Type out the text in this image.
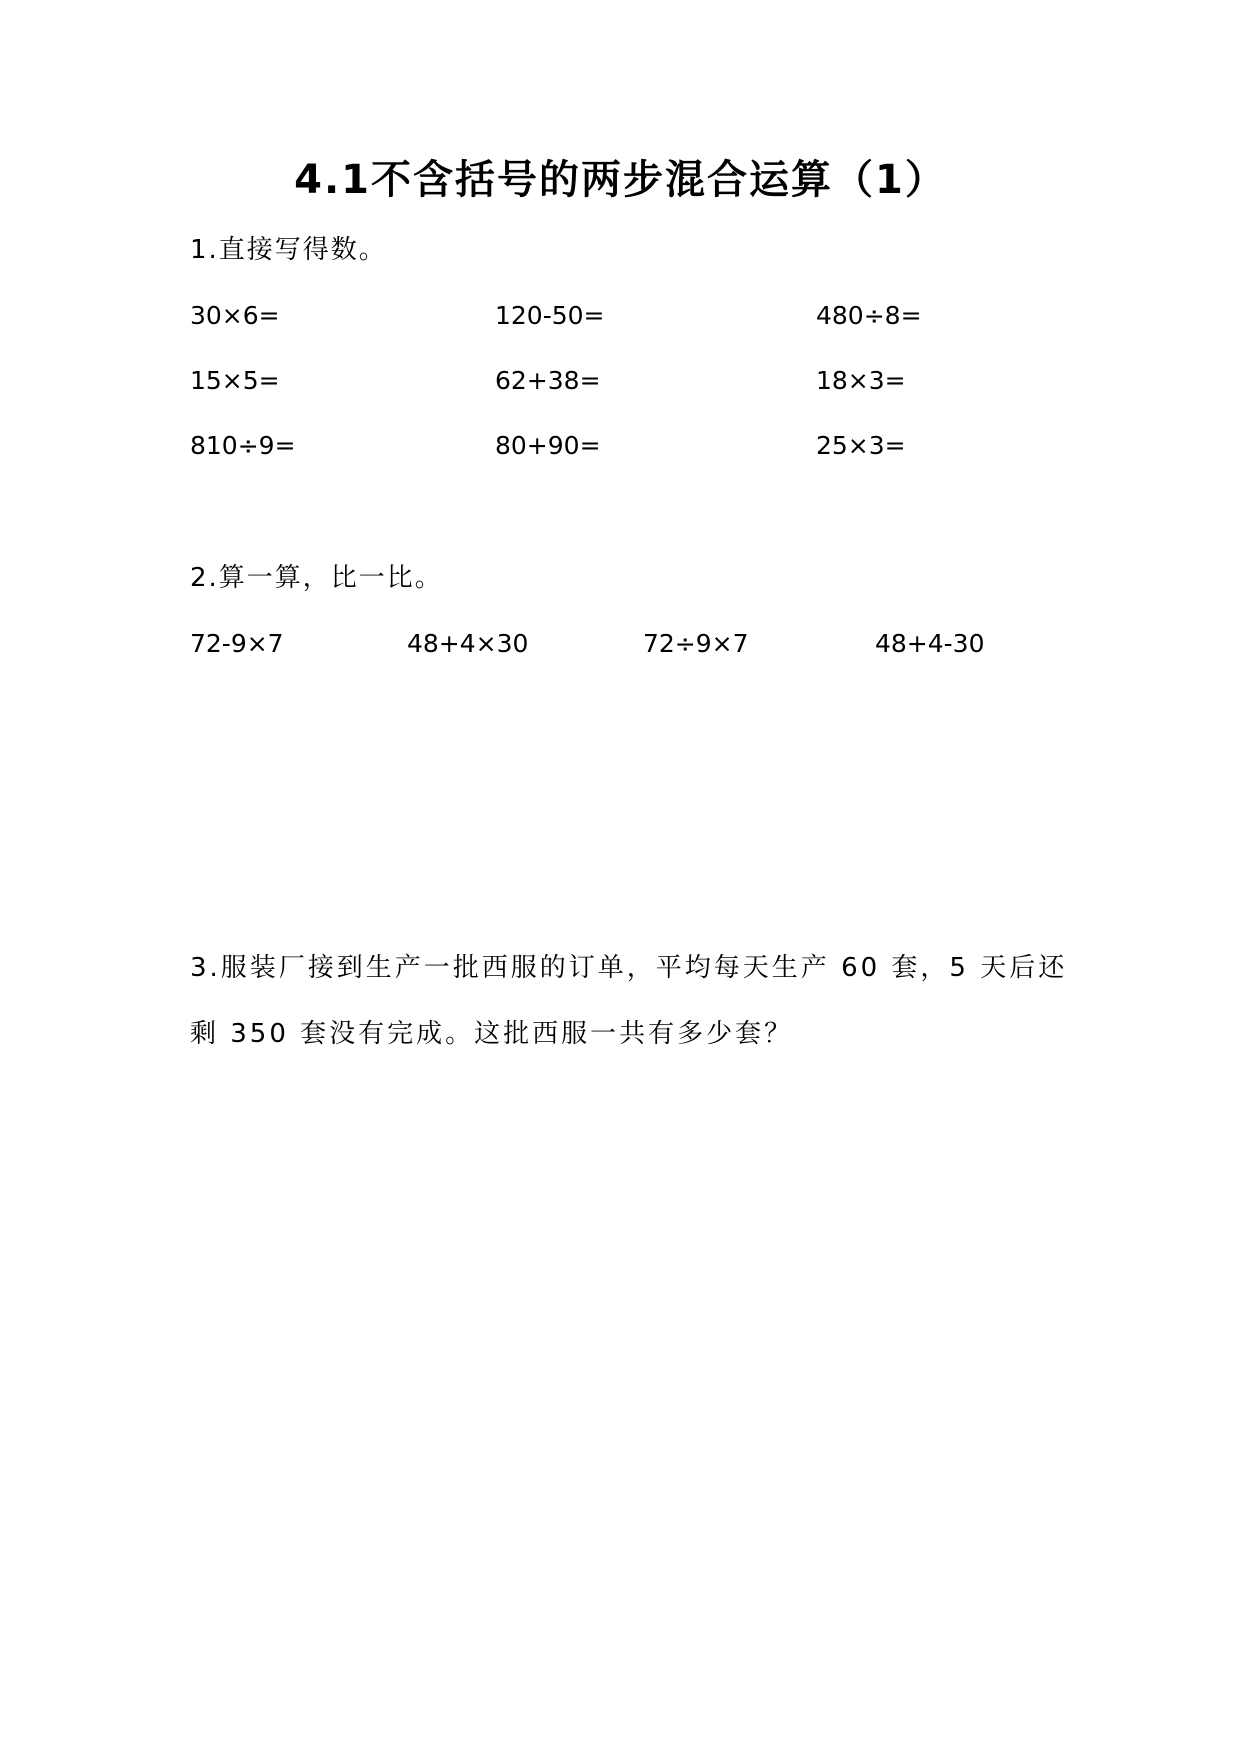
4.1不含括号的两步混合运算（1）
1.直接写得数。
30×6=	120-50=	480÷8=
15×5=	62+38=	18×3=
810÷9=	80+90=	25×3=
2.算一算，比一比。
72-9×7	48+4×30	72÷9×7	48+4-30
3.服装厂接到生产一批西服的订单，平均每天生产 60 套，5 天后还
剩 350 套没有完成。这批西服一共有多少套？
